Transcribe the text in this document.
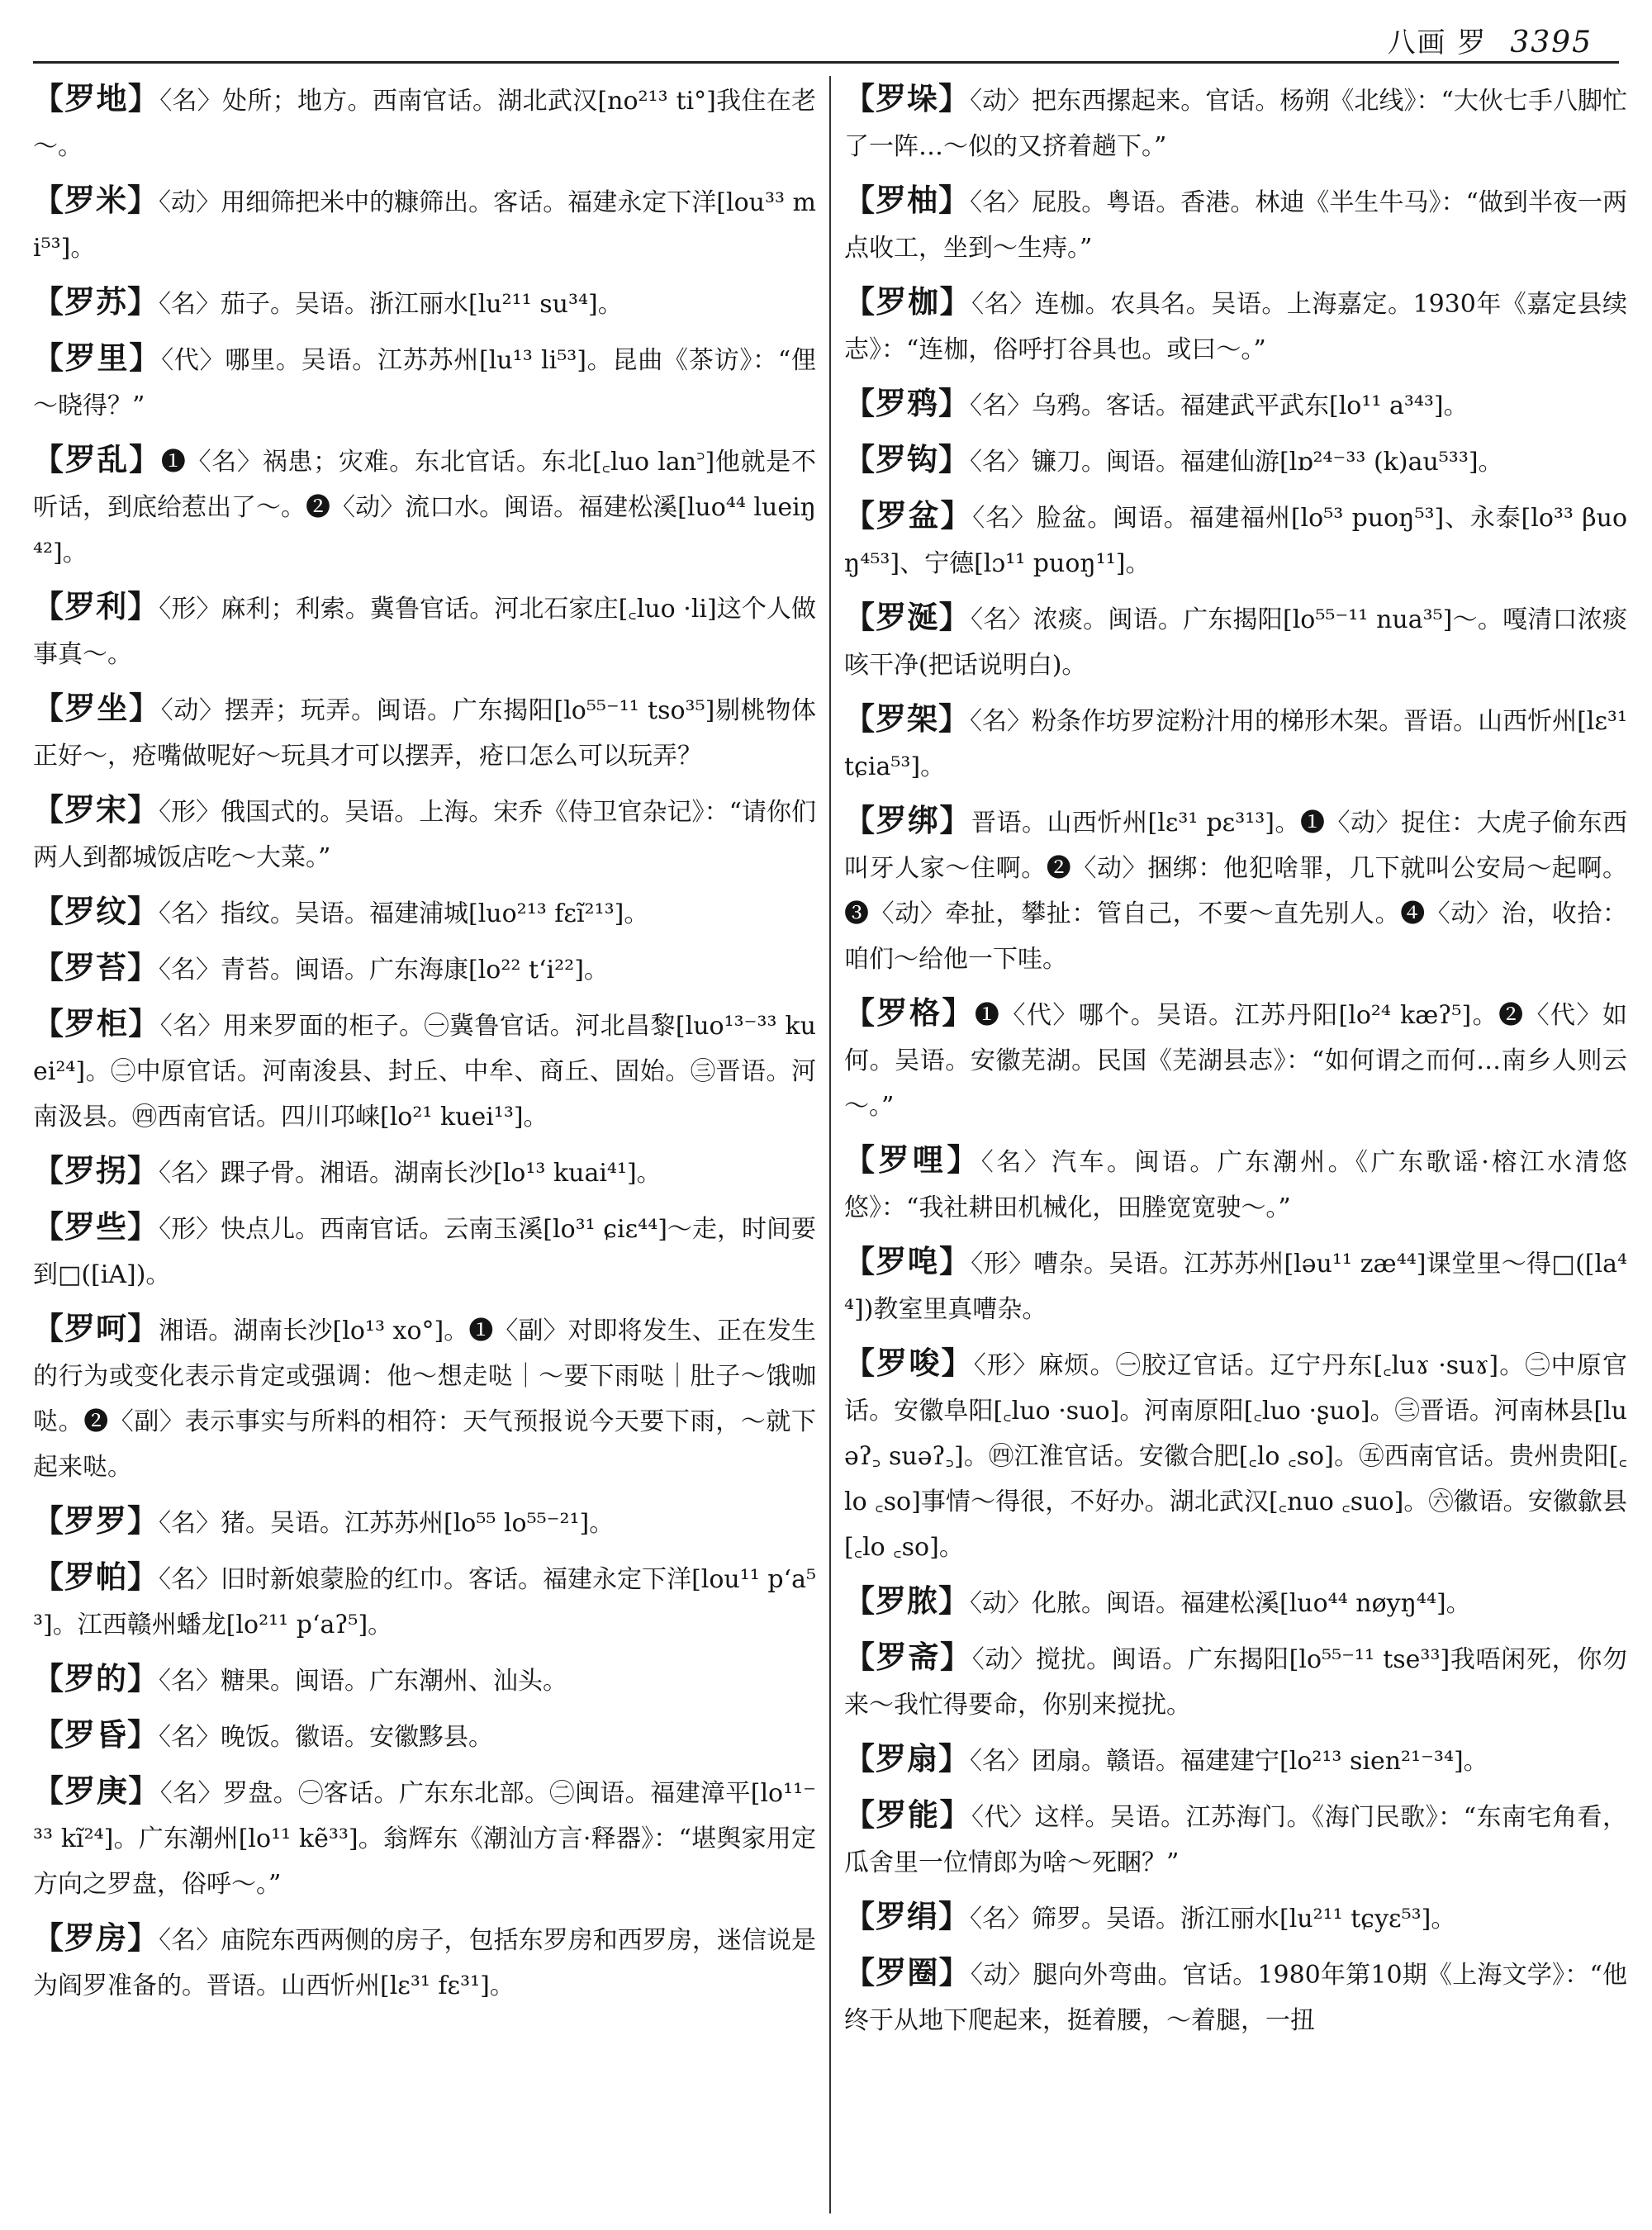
八画 罗 3395

【罗地】〈名〉处所；地方。西南官话。湖北武汉[no²¹³ ti°]我住在老～。

【罗米】〈动〉用细筛把米中的糠筛出。客话。福建永定下洋[lou³³ mi⁵³]。

【罗苏】〈名〉茄子。吴语。浙江丽水[lu²¹¹ su³⁴]。

【罗里】〈代〉哪里。吴语。江苏苏州[lu¹³ li⁵³]。昆曲《茶访》：“俚～晓得？”

【罗乱】❶〈名〉祸患；灾难。东北官话。东北[꜀luo lan꜄]他就是不听话，到底给惹出了～。❷〈动〉流口水。闽语。福建松溪[luo⁴⁴ lueiŋ⁴²]。

【罗利】〈形〉麻利；利索。冀鲁官话。河北石家庄[꜀luo ·li]这个人做事真～。

【罗坐】〈动〉摆弄；玩弄。闽语。广东揭阳[lo⁵⁵⁻¹¹ tso³⁵]剔桃物体正好～，疮嘴做呢好～玩具才可以摆弄，疮口怎么可以玩弄？

【罗宋】〈形〉俄国式的。吴语。上海。宋乔《侍卫官杂记》：“请你们两人到都城饭店吃～大菜。”

【罗纹】〈名〉指纹。吴语。福建浦城[luo²¹³ fɛĩ²¹³]。

【罗苔】〈名〉青苔。闽语。广东海康[lo²² t‘i²²]。

【罗柜】〈名〉用来罗面的柜子。㊀冀鲁官话。河北昌黎[luo¹³⁻³³ kuei²⁴]。㊁中原官话。河南浚县、封丘、中牟、商丘、固始。㊂晋语。河南汲县。㊃西南官话。四川邛崃[lo²¹ kuei¹³]。

【罗拐】〈名〉踝子骨。湘语。湖南长沙[lo¹³ kuai⁴¹]。

【罗些】〈形〉快点儿。西南官话。云南玉溪[lo³¹ ɕiɛ⁴⁴]～走，时间要到□([iA])。

【罗呵】湘语。湖南长沙[lo¹³ xo°]。❶〈副〉对即将发生、正在发生的行为或变化表示肯定或强调：他～想走哒｜～要下雨哒｜肚子～饿咖哒。❷〈副〉表示事实与所料的相符：天气预报说今天要下雨，～就下起来哒。

【罗罗】〈名〉猪。吴语。江苏苏州[lo⁵⁵ lo⁵⁵⁻²¹]。

【罗帕】〈名〉旧时新娘蒙脸的红巾。客话。福建永定下洋[lou¹¹ p‘a⁵³]。江西赣州蟠龙[lo²¹¹ p‘aʔ⁵]。

【罗的】〈名〉糖果。闽语。广东潮州、汕头。

【罗昏】〈名〉晚饭。徽语。安徽黟县。

【罗庚】〈名〉罗盘。㊀客话。广东东北部。㊁闽语。福建漳平[lo¹¹⁻³³ kĩ²⁴]。广东潮州[lo¹¹ kẽ³³]。翁辉东《潮汕方言·释器》：“堪舆家用定方向之罗盘，俗呼～。”

【罗房】〈名〉庙院东西两侧的房子，包括东罗房和西罗房，迷信说是为阎罗准备的。晋语。山西忻州[lɛ³¹ fɛ³¹]。

【罗垛】〈动〉把东西摞起来。官话。杨朔《北线》：“大伙七手八脚忙了一阵…～似的又挤着趟下。”

【罗柚】〈名〉屁股。粤语。香港。林迪《半生牛马》：“做到半夜一两点收工，坐到～生痔。”

【罗枷】〈名〉连枷。农具名。吴语。上海嘉定。1930年《嘉定县续志》：“连枷，俗呼打谷具也。或曰～。”

【罗鸦】〈名〉乌鸦。客话。福建武平武东[lo¹¹ a³⁴³]。

【罗钩】〈名〉镰刀。闽语。福建仙游[lɒ²⁴⁻³³ (k)au⁵³³]。

【罗盆】〈名〉脸盆。闽语。福建福州[lo⁵³ puoŋ⁵³]、永泰[lo³³ βuoŋ⁴⁵³]、宁德[lɔ¹¹ puoŋ¹¹]。

【罗涎】〈名〉浓痰。闽语。广东揭阳[lo⁵⁵⁻¹¹ nua³⁵]～。嘎清口浓痰咳干净(把话说明白)。

【罗架】〈名〉粉条作坊罗淀粉汁用的梯形木架。晋语。山西忻州[lɛ³¹ tɕia⁵³]。

【罗绑】晋语。山西忻州[lɛ³¹ pɛ³¹³]。❶〈动〉捉住：大虎子偷东西叫牙人家～住啊。❷〈动〉捆绑：他犯啥罪，几下就叫公安局～起啊。❸〈动〉牵扯，攀扯：管自己，不要～直先别人。❹〈动〉治，收拾：咱们～给他一下哇。

【罗格】❶〈代〉哪个。吴语。江苏丹阳[lo²⁴ kæʔ⁵]。❷〈代〉如何。吴语。安徽芜湖。民国《芜湖县志》：“如何谓之而何…南乡人则云～。”

【罗哩】〈名〉汽车。闽语。广东潮州。《广东歌谣·榕江水清悠悠》：“我社耕田机械化，田塍宽宽驶～。”

【罗唣】〈形〉嘈杂。吴语。江苏苏州[ləu¹¹ zæ⁴⁴]课堂里～得□([la⁴⁴])教室里真嘈杂。

【罗唆】〈形〉麻烦。㊀胶辽官话。辽宁丹东[꜀luɤ ·suɤ]。㊁中原官话。安徽阜阳[꜀luo ·suo]。河南原阳[꜀luo ·ʂuo]。㊂晋语。河南林县[luəʔ꜆ suəʔ꜆]。㊃江淮官话。安徽合肥[꜀lo ꜀so]。㊄西南官话。贵州贵阳[꜀lo ꜀so]事情～得很，不好办。湖北武汉[꜀nuo ꜀suo]。㊅徽语。安徽歙县[꜀lo ꜀so]。

【罗脓】〈动〉化脓。闽语。福建松溪[luo⁴⁴ nøyŋ⁴⁴]。

【罗斋】〈动〉搅扰。闽语。广东揭阳[lo⁵⁵⁻¹¹ tse³³]我唔闲死，你勿来～我忙得要命，你别来搅扰。

【罗扇】〈名〉团扇。赣语。福建建宁[lo²¹³ sien²¹⁻³⁴]。

【罗能】〈代〉这样。吴语。江苏海门。《海门民歌》：“东南宅角看，瓜舍里一位情郎为啥～死睏？”

【罗绢】〈名〉筛罗。吴语。浙江丽水[lu²¹¹ tɕyɛ⁵³]。

【罗圈】〈动〉腿向外弯曲。官话。1980年第10期《上海文学》：“他终于从地下爬起来，挺着腰，～着腿，一扭
